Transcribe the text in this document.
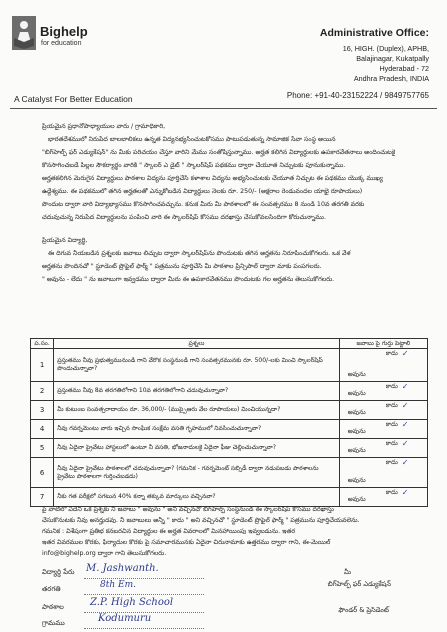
Bighelp
for education
A Catalyst For Better Education
Administrative Office:
16, HIGH. (Duplex), APHB,
Balajinagar, Kukatpally
Hyderabad - 72
Andhra Pradesh, INDIA
Phone: +91-40-23152224 / 9849757765
ప్రియమైన ప్రధానోపాధ్యాయుల వారు / గ్రామాధికారి,
భారతదేశములో నిరుపేద బాలబాలికలు ఉన్నత విద్యనభ్యసించుటకోసము పాటుపడుతున్న సామాజిక సేవా సంస్థ అయిన
"బిగ్‌హెల్ప్ ఫర్ ఎడ్యుకేషన్" ను మీకు పరిచయం చేస్తూ వారిని మేము సంతోషిస్తున్నాము. అర్హత కలిగిన విద్యార్థులకు ఉపకారవేతనాలు అందించుటకై
కొనసాగించబడే పిల్లల సౌకర్యార్థం వారికి " స్కాలర్ ఎ డైట్ " స్కాలర్‌షిప్ పథకము ద్వారా చేయూత నిచ్చుటకు పూనుకున్నాము.
అర్హతకలిగిన మెరుగైన విద్యార్థులు పాఠశాల విద్యను పూర్తిచేసి కళాశాల విద్యను అభ్యసించుటకు చేయూత నిచ్చుట ఈ పథకము యొక్క ముఖ్య
ఉద్దేశ్యము. ఈ పథకములో తగిన అర్హతలతో ఎన్నుకోబడిన విద్యార్థులు నెలకు రూ. 250/- (అక్షరాల రెండువందల యాభై రూపాయలు)
పొందుట ద్వారా వారి విద్యాభ్యాసము కొనసాగించవచ్చును. కనుక మీరు మీ పాఠశాలలో ఈ సంవత్సరము 8 నుండి 10వ తరగతి వరకు
చదువుచున్న నిరుపేద విద్యార్థులను పంపించి వారి ఈ స్కాలర్‌షిప్ కోసము దరఖాస్తు చేసుకోవలసిందిగా కోరుచున్నాము.
ప్రియమైన విద్యార్థి,
ఈ దిగువ నీయబడిన ప్రశ్నలకు జవాబు లిచ్చుట ద్వారా స్కాలర్‌షిప్‌ను పొందుటకు తగిన అర్హతను నిరూపించుకోగలరు. ఒక వేళ
అర్హతను పొందినచో " స్టూడెంట్ ప్రొఫైల్ ఫార్మ్ " పత్రమును పూర్తిచేసి మీ పాఠశాల ప్రిన్సిపాల్ ద్వారా మాకు పంపగలరు.
" అవును - లేదు " ను జవాబుగా ఇవ్వడము ద్వారా మీరు ఈ ఉపకారవేతనము పొందుటకు గల అర్హతను తెలుసుకోగలరు.
ప.సం.	ప్రశ్నలు	జవాబు పై గుర్తు పెట్టాలి
1	ప్రస్తుతము నీవు ప్రభుత్వమునుండి గాని వేరొక సంస్థనుండి గాని సంవత్సరమునకు రూ. 500/-లకు మించి స్కాలర్‌షిప్ పొందుచున్నావా?	కాదు ✓
అవును

2	ప్రస్తుతము నీవు 8వ తరగతిలోగాని 10వ తరగతిలోగాని చదువుచున్నావా?	కాదు ✓
అవును

3	మీ కుటుంబ సంవత్సరాదాయం రూ. 36,000/- (ముప్పైఆరు వేల రూపాయలు) మించియున్నదా?	కాదు ✓
అవును

4	నీవు గవర్నమెంటు వారు ఇచ్చిన సాంఘిక సంక్షేమ వసతి గృహములో నివసించుచున్నావా?	కాదు ✓
అవును

5	నీవు ఏదైనా ప్రైవేటు హాస్టలులో ఉంటూ నీ వసతి, భోజనాదులకై ఏదైనా ఫీజు చెల్లించుచున్నావా?	కాదు ✓
అవును

6	నీవు ఏదైనా ప్రైవేటు పాఠశాలలో చదువుచున్నావా? (గమనిక - గవర్నమెంట్ సబ్సిడీ ద్వారా నడుపబడు పాఠశాలను ప్రైవేటు పాఠశాలగా గుర్తించబడదు)	కాదు ✓
అవును

7	నీకు గత పరీక్షలో సగటున 40% కన్నా తక్కువ మార్కులు వచ్చినవా?	కాదు ✓
అవును
పై వాటిలో ఏదేని ఒక ప్రశ్నకు నీ జవాబు " అవును " అని వచ్చినచో బిగ్‌హెల్ప్ సంస్థనుండి ఈ స్కాలర్‌షిప్ కోసము దరఖాస్తు
చేసుకొనుటకు నీవు అనర్హుడవు. నీ జవాబులు అన్నీ " కాదు " అని వచ్చినచో " స్టూడెంట్ ప్రొఫైల్ ఫార్మ్ " పత్రమును పూర్తిచేయవలెను.
గమనిక : విశేషంగా ప్రతిభ కనబరచిన విద్యార్థుల ఈ అర్హత వివరాలలో మినహాయింపు ఇవ్వబడును. ఇతర
ఇతర వివరముల కొరకు, ఫిర్యాదుల కొరకు పై సమాచారమునకు ఏదైనా చిరునామాకు ఉత్తరము ద్వారా గాని, ఈ-మెయిల్
info@bighelp.org ద్వారా గాని తెలుసుకోగలరు.
విద్యార్థి పేరు M. Jashwanth.
తరగతి	8th Em.
పాఠశాల	Z.P. High School
గ్రామము	Kodumuru
మీ
బిగ్‌హెల్ప్ ఫర్ ఎడ్యుకేషన్
ఫౌండర్ & ప్రెసిడెంట్
